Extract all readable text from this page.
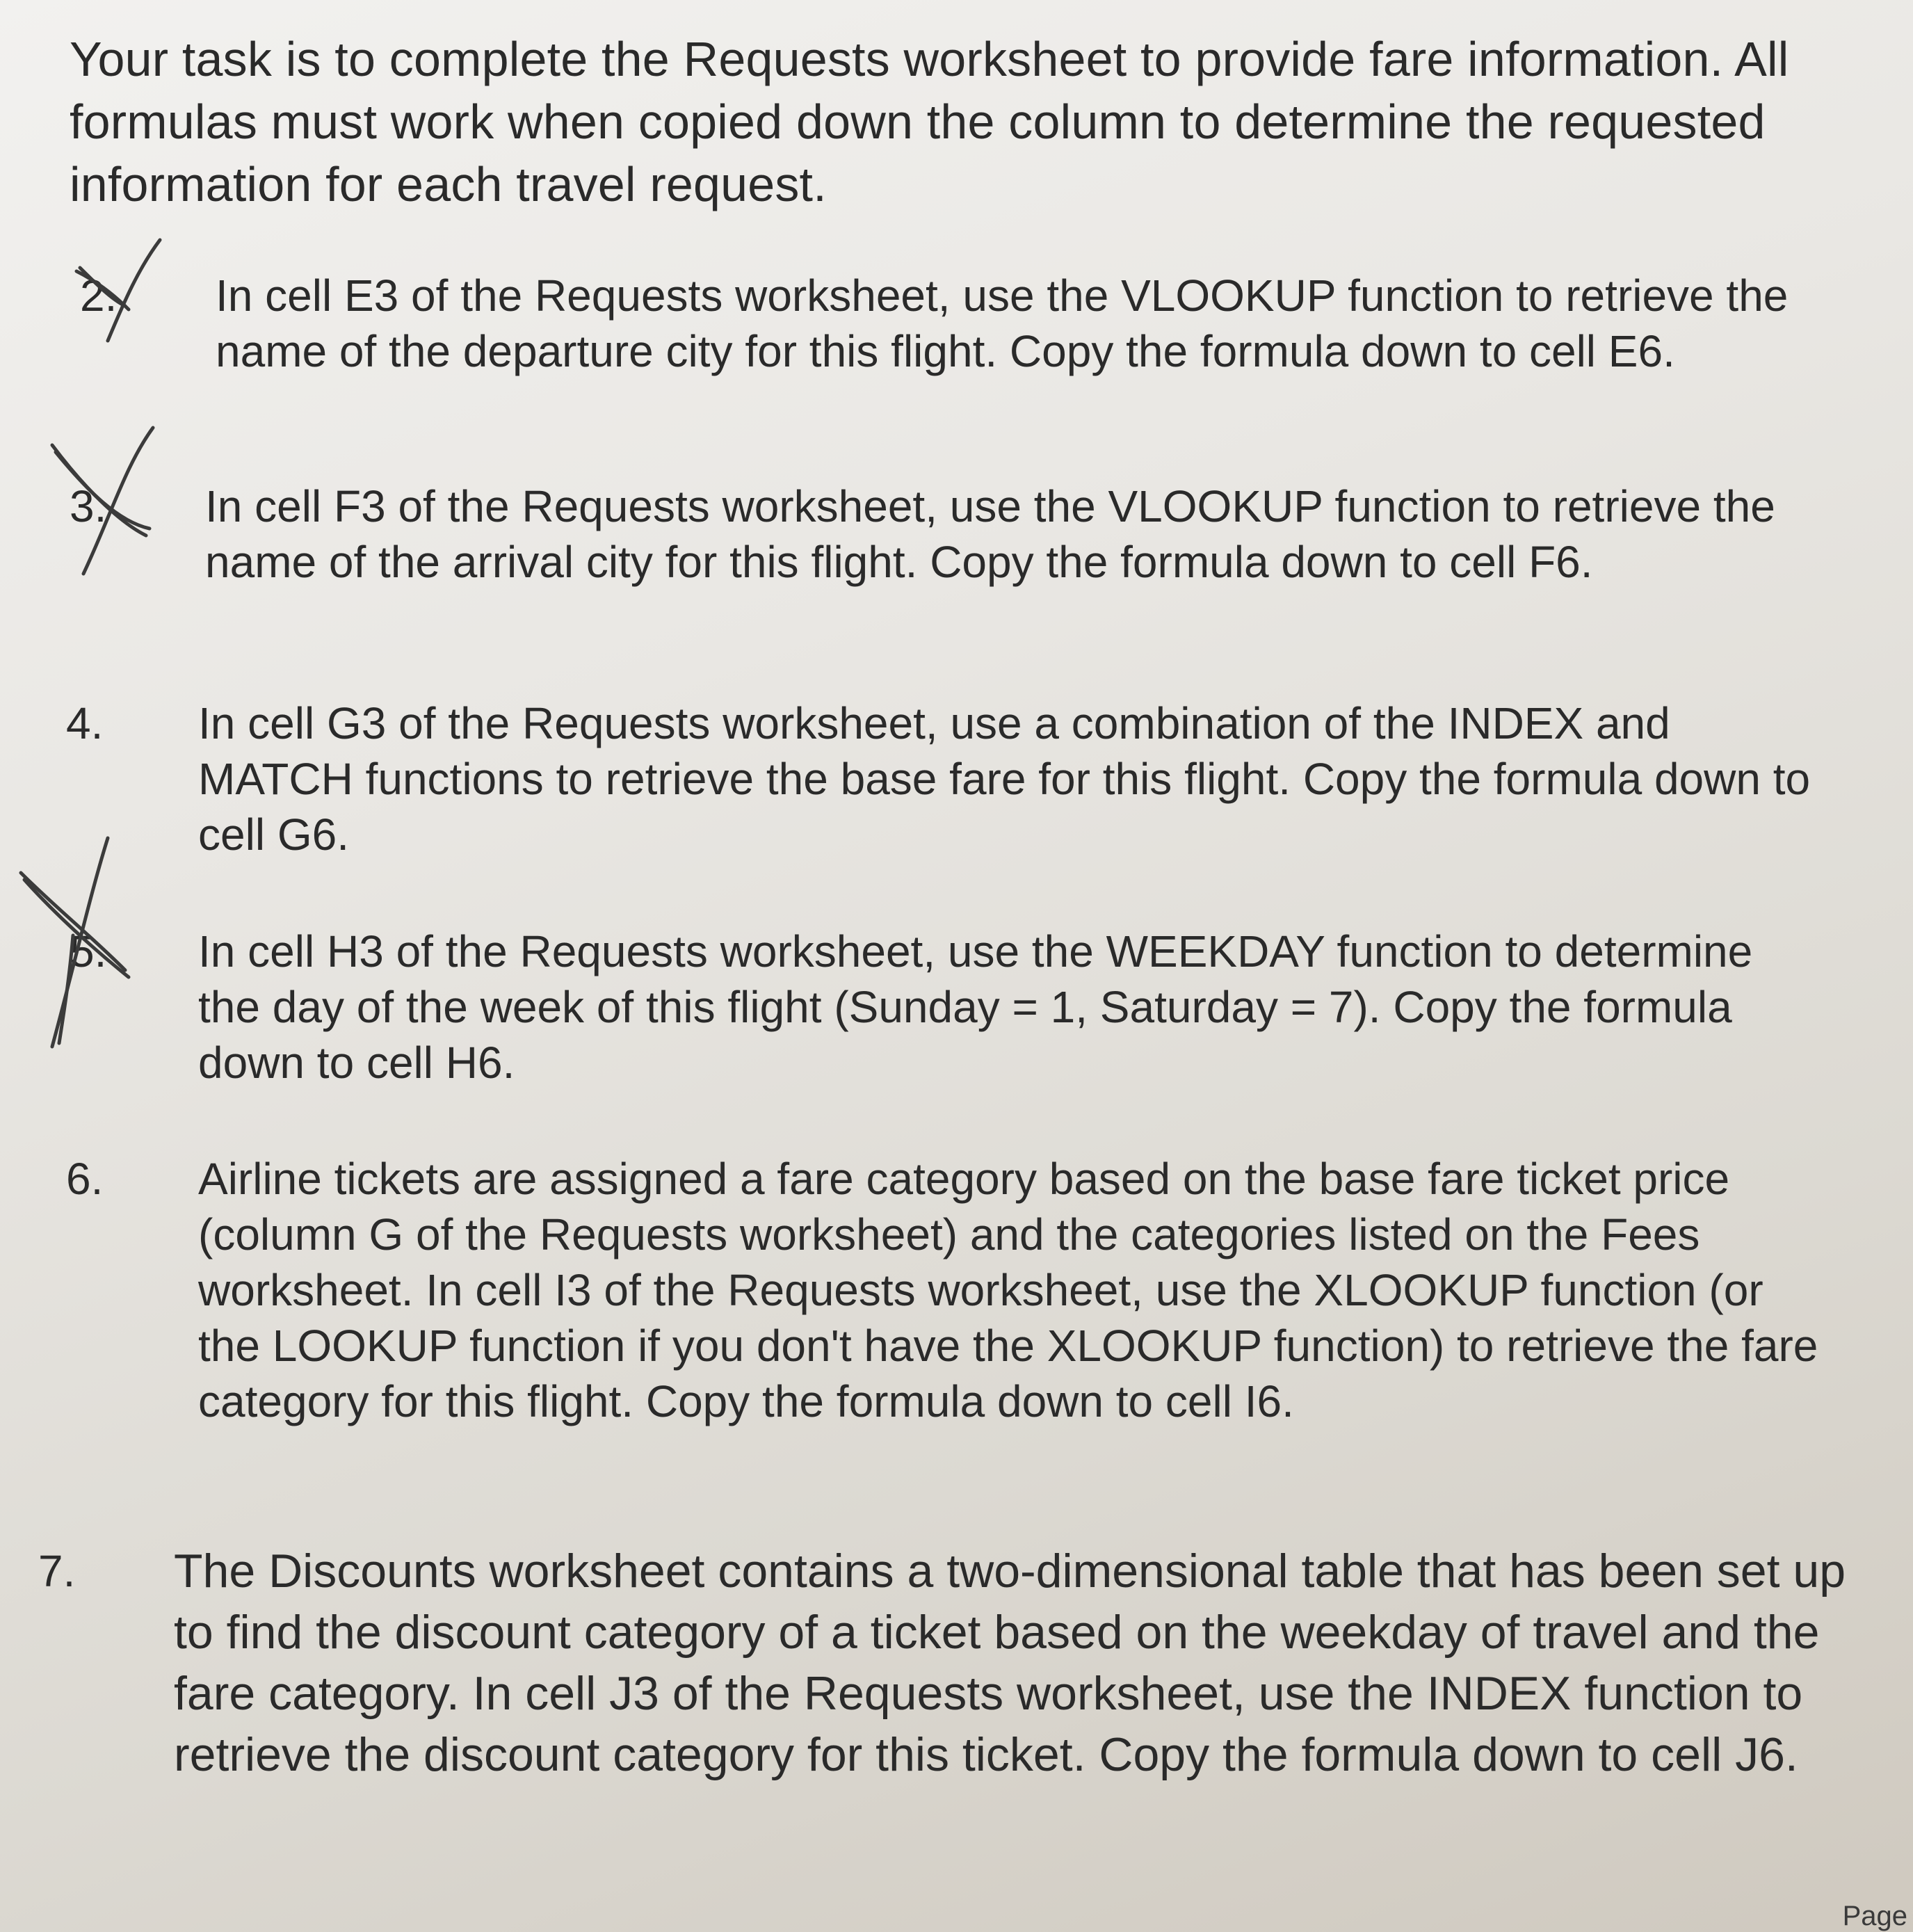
Your task is to complete the Requests worksheet to provide fare information. All formulas must work when copied down the column to determine the requested information for each travel request.
2.	In cell E3 of the Requests worksheet, use the VLOOKUP function to retrieve the name of the departure city for this flight. Copy the formula down to cell E6.
3.	In cell F3 of the Requests worksheet, use the VLOOKUP function to retrieve the name of the arrival city for this flight. Copy the formula down to cell F6.
4.	In cell G3 of the Requests worksheet, use a combination of the INDEX and MATCH functions to retrieve the base fare for this flight. Copy the formula down to cell G6.
5.	In cell H3 of the Requests worksheet, use the WEEKDAY function to determine the day of the week of this flight (Sunday = 1, Saturday = 7). Copy the formula down to cell H6.
6.	Airline tickets are assigned a fare category based on the base fare ticket price (column G of the Requests worksheet) and the categories listed on the Fees worksheet. In cell I3 of the Requests worksheet, use the XLOOKUP function (or the LOOKUP function if you don't have the XLOOKUP function) to retrieve the fare category for this flight. Copy the formula down to cell I6.
7.	The Discounts worksheet contains a two-dimensional table that has been set up to find the discount category of a ticket based on the weekday of travel and the fare category. In cell J3 of the Requests worksheet, use the INDEX function to retrieve the discount category for this ticket. Copy the formula down to cell J6.
Page
